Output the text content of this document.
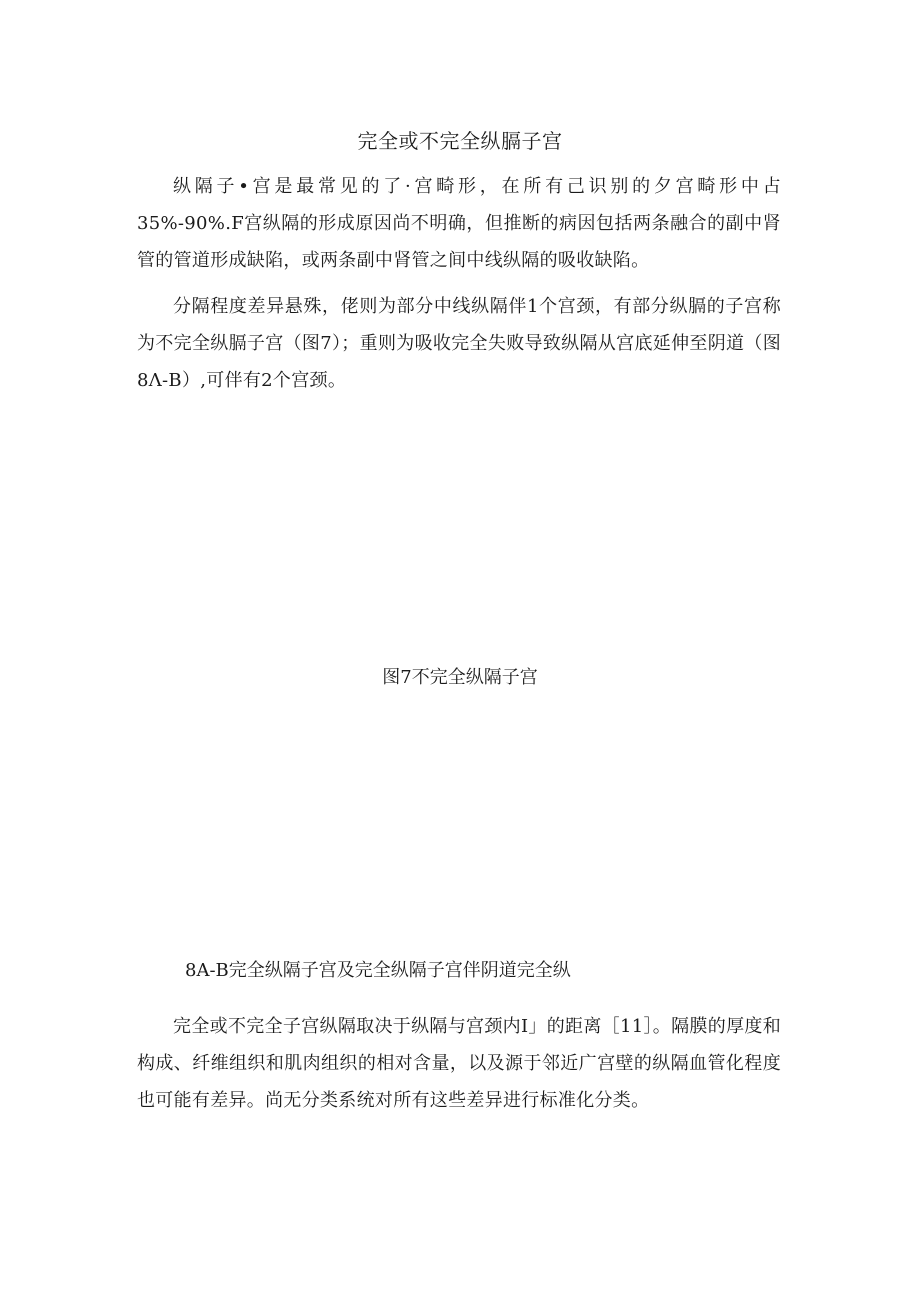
完全或不完全纵膈子宫

纵隔子•宫是最常见的了·宫畸形，在所有己识别的夕宫畸形中占35%-90%.F宫纵隔的形成原因尚不明确，但推断的病因包括两条融合的副中肾管的管道形成缺陷，或两条副中肾管之间中线纵隔的吸收缺陷。

分隔程度差异悬殊，佬则为部分中线纵隔伴1个宫颈，有部分纵膈的子宫称为不完全纵膈子宫（图7）；重则为吸收完全失败导致纵隔从宫底延伸至阴道（图8Λ-B）,可伴有2个宫颈。

图7不完全纵隔子宫
8A-B完全纵隔子宫及完全纵隔子宫伴阴道完全纵

完全或不完全子宫纵隔取决于纵隔与宫颈内I」的距离［11］。隔膜的厚度和构成、纤维组织和肌肉组织的相对含量，以及源于邻近广宫壁的纵隔血管化程度也可能有差异。尚无分类系统对所有这些差异进行标准化分类。
